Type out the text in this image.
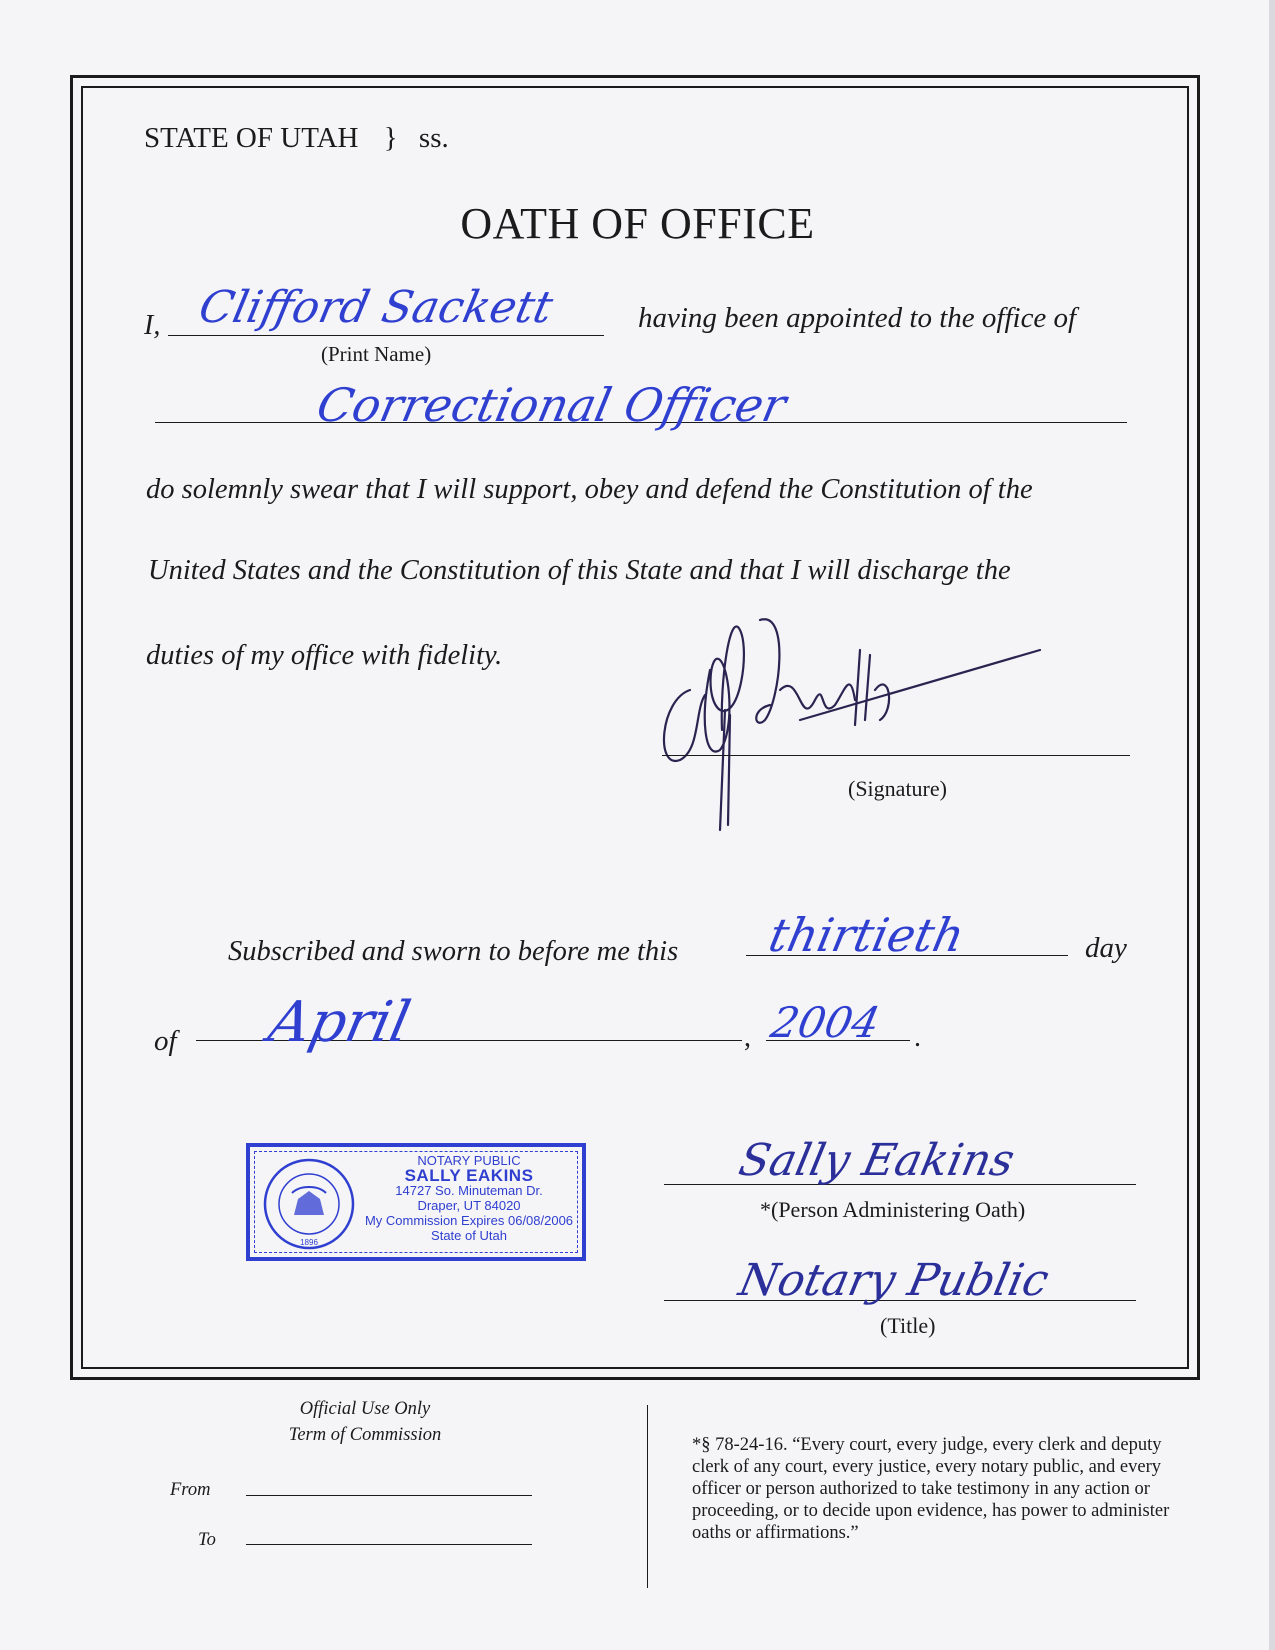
STATE OF UTAH } ss.
OATH OF OFFICE
I, Clifford Sackett
(Print Name)
having been appointed to the office of
Correctional Officer
do solemnly swear that I will support, obey and defend the Constitution of the
United States and the Constitution of this State and that I will discharge the
duties of my office with fidelity.
(Signature)
Subscribed and sworn to before me this thirtieth	day
of April	, 2004 .
1896
NOTARY PUBLIC
SALLY EAKINS
14727 So. Minuteman Dr.
Draper, UT 84020
My Commission Expires 06/08/2006
State of Utah
Sally Eakins
*(Person Administering Oath)
Notary Public
(Title)
Official Use Only
Term of Commission
From
To
*§ 78-24-16. “Every court, every judge, every clerk and deputy clerk of any court, every justice, every notary public, and every officer or person authorized to take testimony in any action or proceeding, or to decide upon evidence, has power to administer oaths or affirmations.”
